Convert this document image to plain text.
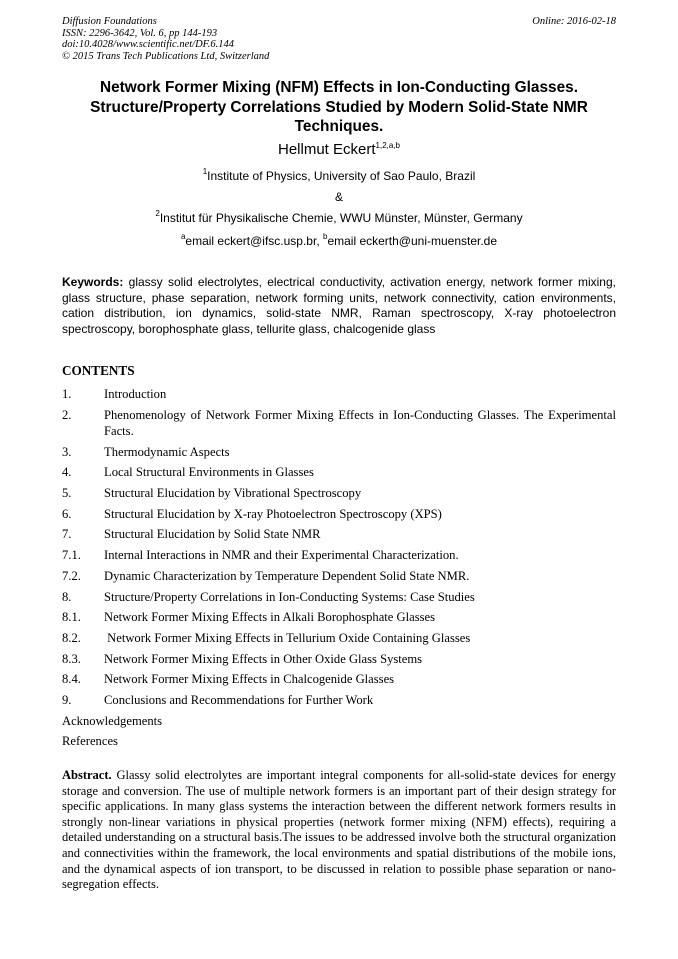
Diffusion Foundations
ISSN: 2296-3642, Vol. 6, pp 144-193
doi:10.4028/www.scientific.net/DF.6.144
© 2015 Trans Tech Publications Ltd, Switzerland
Online: 2016-02-18
Network Former Mixing (NFM) Effects in Ion-Conducting Glasses. Structure/Property Correlations Studied by Modern Solid-State NMR Techniques.
Hellmut Eckert$^{1,2,a,b}$
$^1$Institute of Physics, University of Sao Paulo, Brazil
&
$^2$Institut für Physikalische Chemie, WWU Münster, Münster, Germany
$^a$email eckert@ifsc.usp.br, $^b$email eckerth@uni-muenster.de
Keywords: glassy solid electrolytes, electrical conductivity, activation energy, network former mixing, glass structure, phase separation, network forming units, network connectivity, cation environments, cation distribution, ion dynamics, solid-state NMR, Raman spectroscopy, X-ray photoelectron spectroscopy, borophosphate glass, tellurite glass, chalcogenide glass
CONTENTS
1.	Introduction
2.	Phenomenology of Network Former Mixing Effects in Ion-Conducting Glasses. The Experimental Facts.
3.	Thermodynamic Aspects
4.	Local Structural Environments in Glasses
5.	Structural Elucidation by Vibrational Spectroscopy
6.	Structural Elucidation by X-ray Photoelectron Spectroscopy (XPS)
7.	Structural Elucidation by Solid State NMR
7.1.	Internal Interactions in NMR and their Experimental Characterization.
7.2.	Dynamic Characterization by Temperature Dependent Solid State NMR.
8.	Structure/Property Correlations in Ion-Conducting Systems: Case Studies
8.1.	Network Former Mixing Effects in Alkali Borophosphate Glasses
8.2.	Network Former Mixing Effects in Tellurium Oxide Containing Glasses
8.3.	Network Former Mixing Effects in Other Oxide Glass Systems
8.4.	Network Former Mixing Effects in Chalcogenide Glasses
9.	Conclusions and Recommendations for Further Work
Acknowledgements
References
Abstract. Glassy solid electrolytes are important integral components for all-solid-state devices for energy storage and conversion. The use of multiple network formers is an important part of their design strategy for specific applications. In many glass systems the interaction between the different network formers results in strongly non-linear variations in physical properties (network former mixing (NFM) effects), requiring a detailed understanding on a structural basis.The issues to be addressed involve both the structural organization and connectivities within the framework, the local environments and spatial distributions of the mobile ions, and the dynamical aspects of ion transport, to be discussed in relation to possible phase separation or nano-segregation effects.
